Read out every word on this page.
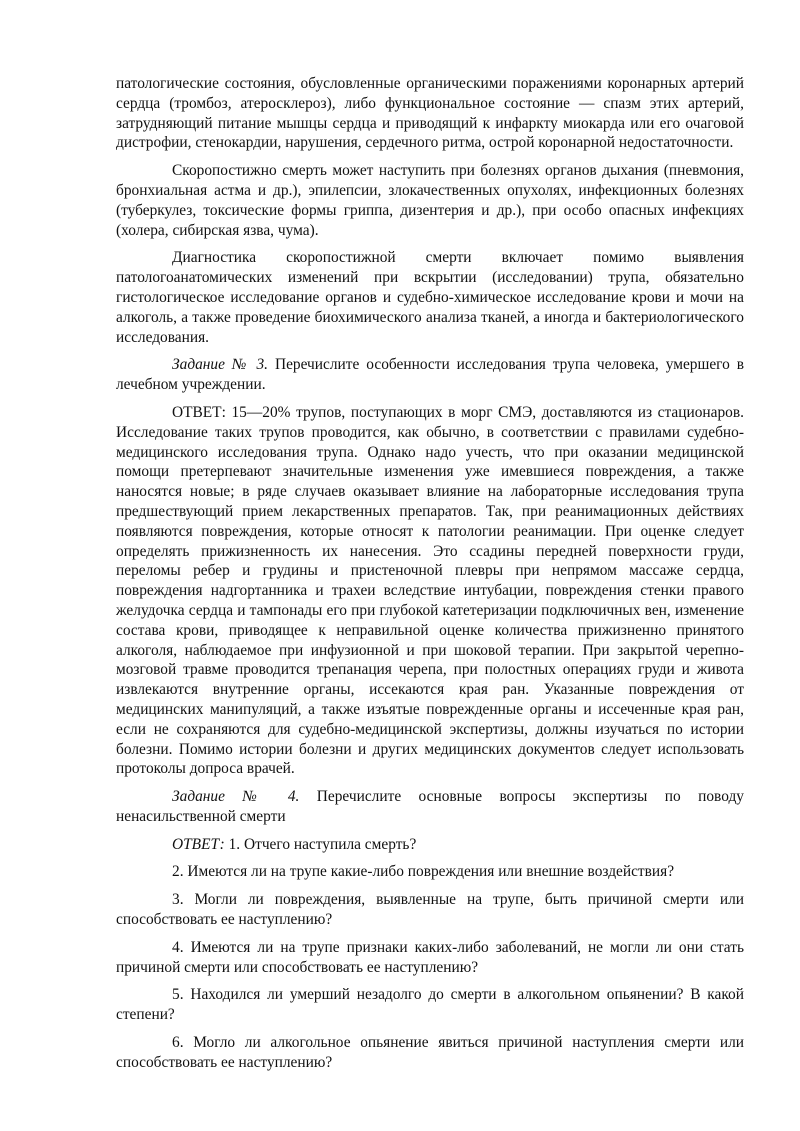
патологические состояния, обусловленные органическими поражениями коронарных артерий сердца (тромбоз, атеросклероз), либо функциональное состояние — спазм этих артерий, затрудняющий питание мышцы сердца и приводящий к инфаркту миокарда или его очаговой дистрофии, стенокардии, нарушения, сердечного ритма, острой коронарной недостаточности.

Скоропостижно смерть может наступить при болезнях органов дыхания (пневмония, бронхиальная астма и др.), эпилепсии, злокачественных опухолях, инфекционных болезнях (туберкулез, токсические формы гриппа, дизентерия и др.), при особо опасных инфекциях (холера, сибирская язва, чума).

Диагностика скоропостижной смерти включает помимо выявления патологоанатомических изменений при вскрытии (исследовании) трупа, обязательно гистологическое исследование органов и судебно-химическое исследование крови и мочи на алкоголь, а также проведение биохимического анализа тканей, а иногда и бактериологического исследования.

Задание № 3. Перечислите особенности исследования трупа человека, умершего в лечебном учреждении.

ОТВЕТ: 15—20% трупов, поступающих в морг СМЭ, доставляются из стационаров. Исследование таких трупов проводится, как обычно, в соответствии с правилами судебно-медицинского исследования трупа. Однако надо учесть, что при оказании медицинской помощи претерпевают значительные изменения уже имевшиеся повреждения, а также наносятся новые; в ряде случаев оказывает влияние на лабораторные исследования трупа предшествующий прием лекарственных препаратов. Так, при реанимационных действиях появляются повреждения, которые относят к патологии реанимации. При оценке следует определять прижизненность их нанесения. Это ссадины передней поверхности груди, переломы ребер и грудины и пристеночной плевры при непрямом массаже сердца, повреждения надгортанника и трахеи вследствие интубации, повреждения стенки правого желудочка сердца и тампонады его при глубокой катетеризации подключичных вен, изменение состава крови, приводящее к неправильной оценке количества прижизненно принятого алкоголя, наблюдаемое при инфузионной и при шоковой терапии. При закрытой черепно-мозговой травме проводится трепанация черепа, при полостных операциях груди и живота извлекаются внутренние органы, иссекаются края ран. Указанные повреждения от медицинских манипуляций, а также изъятые поврежденные органы и иссеченные края ран, если не сохраняются для судебно-медицинской экспертизы, должны изучаться по истории болезни. Помимо истории болезни и других медицинских документов следует использовать протоколы допроса врачей.

Задание № 4. Перечислите основные вопросы экспертизы по поводу ненасильственной смерти

ОТВЕТ: 1. Отчего наступила смерть?

2. Имеются ли на трупе какие-либо повреждения или внешние воздействия?

3. Могли ли повреждения, выявленные на трупе, быть причиной смерти или способствовать ее наступлению?

4. Имеются ли на трупе признаки каких-либо заболеваний, не могли ли они стать причиной смерти или способствовать ее наступлению?

5. Находился ли умерший незадолго до смерти в алкогольном опьянении? В какой степени?

6. Могло ли алкогольное опьянение явиться причиной наступления смерти или способствовать ее наступлению?
